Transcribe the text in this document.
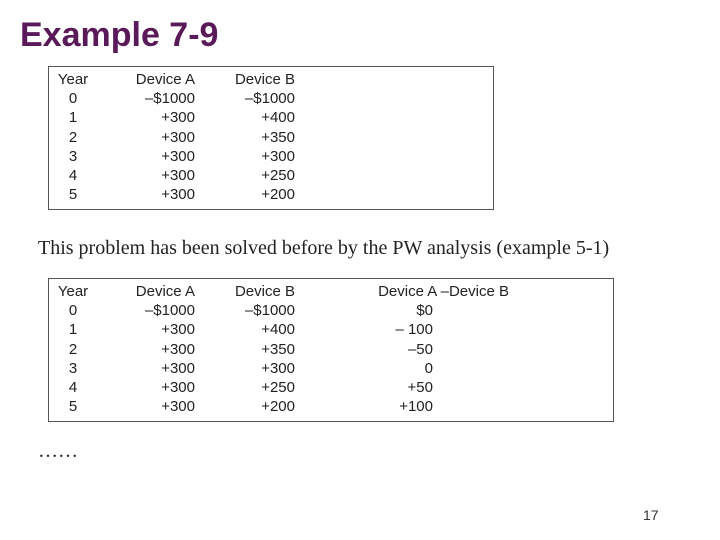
Example 7-9
Year
0
1
2
3
4
5
Device A
–$1000
+300
+300
+300
+300
+300
Device B
–$1000
+400
+350
+300
+250
+200
This problem has been solved before by the PW analysis (example 5-1)
Year
0
1
2
3
4
5
Device A
–$1000
+300
+300
+300
+300
+300
Device B
–$1000
+400
+350
+300
+250
+200
Device A –Device B
$0
– 100
–50
0
+50
+100
……
17
